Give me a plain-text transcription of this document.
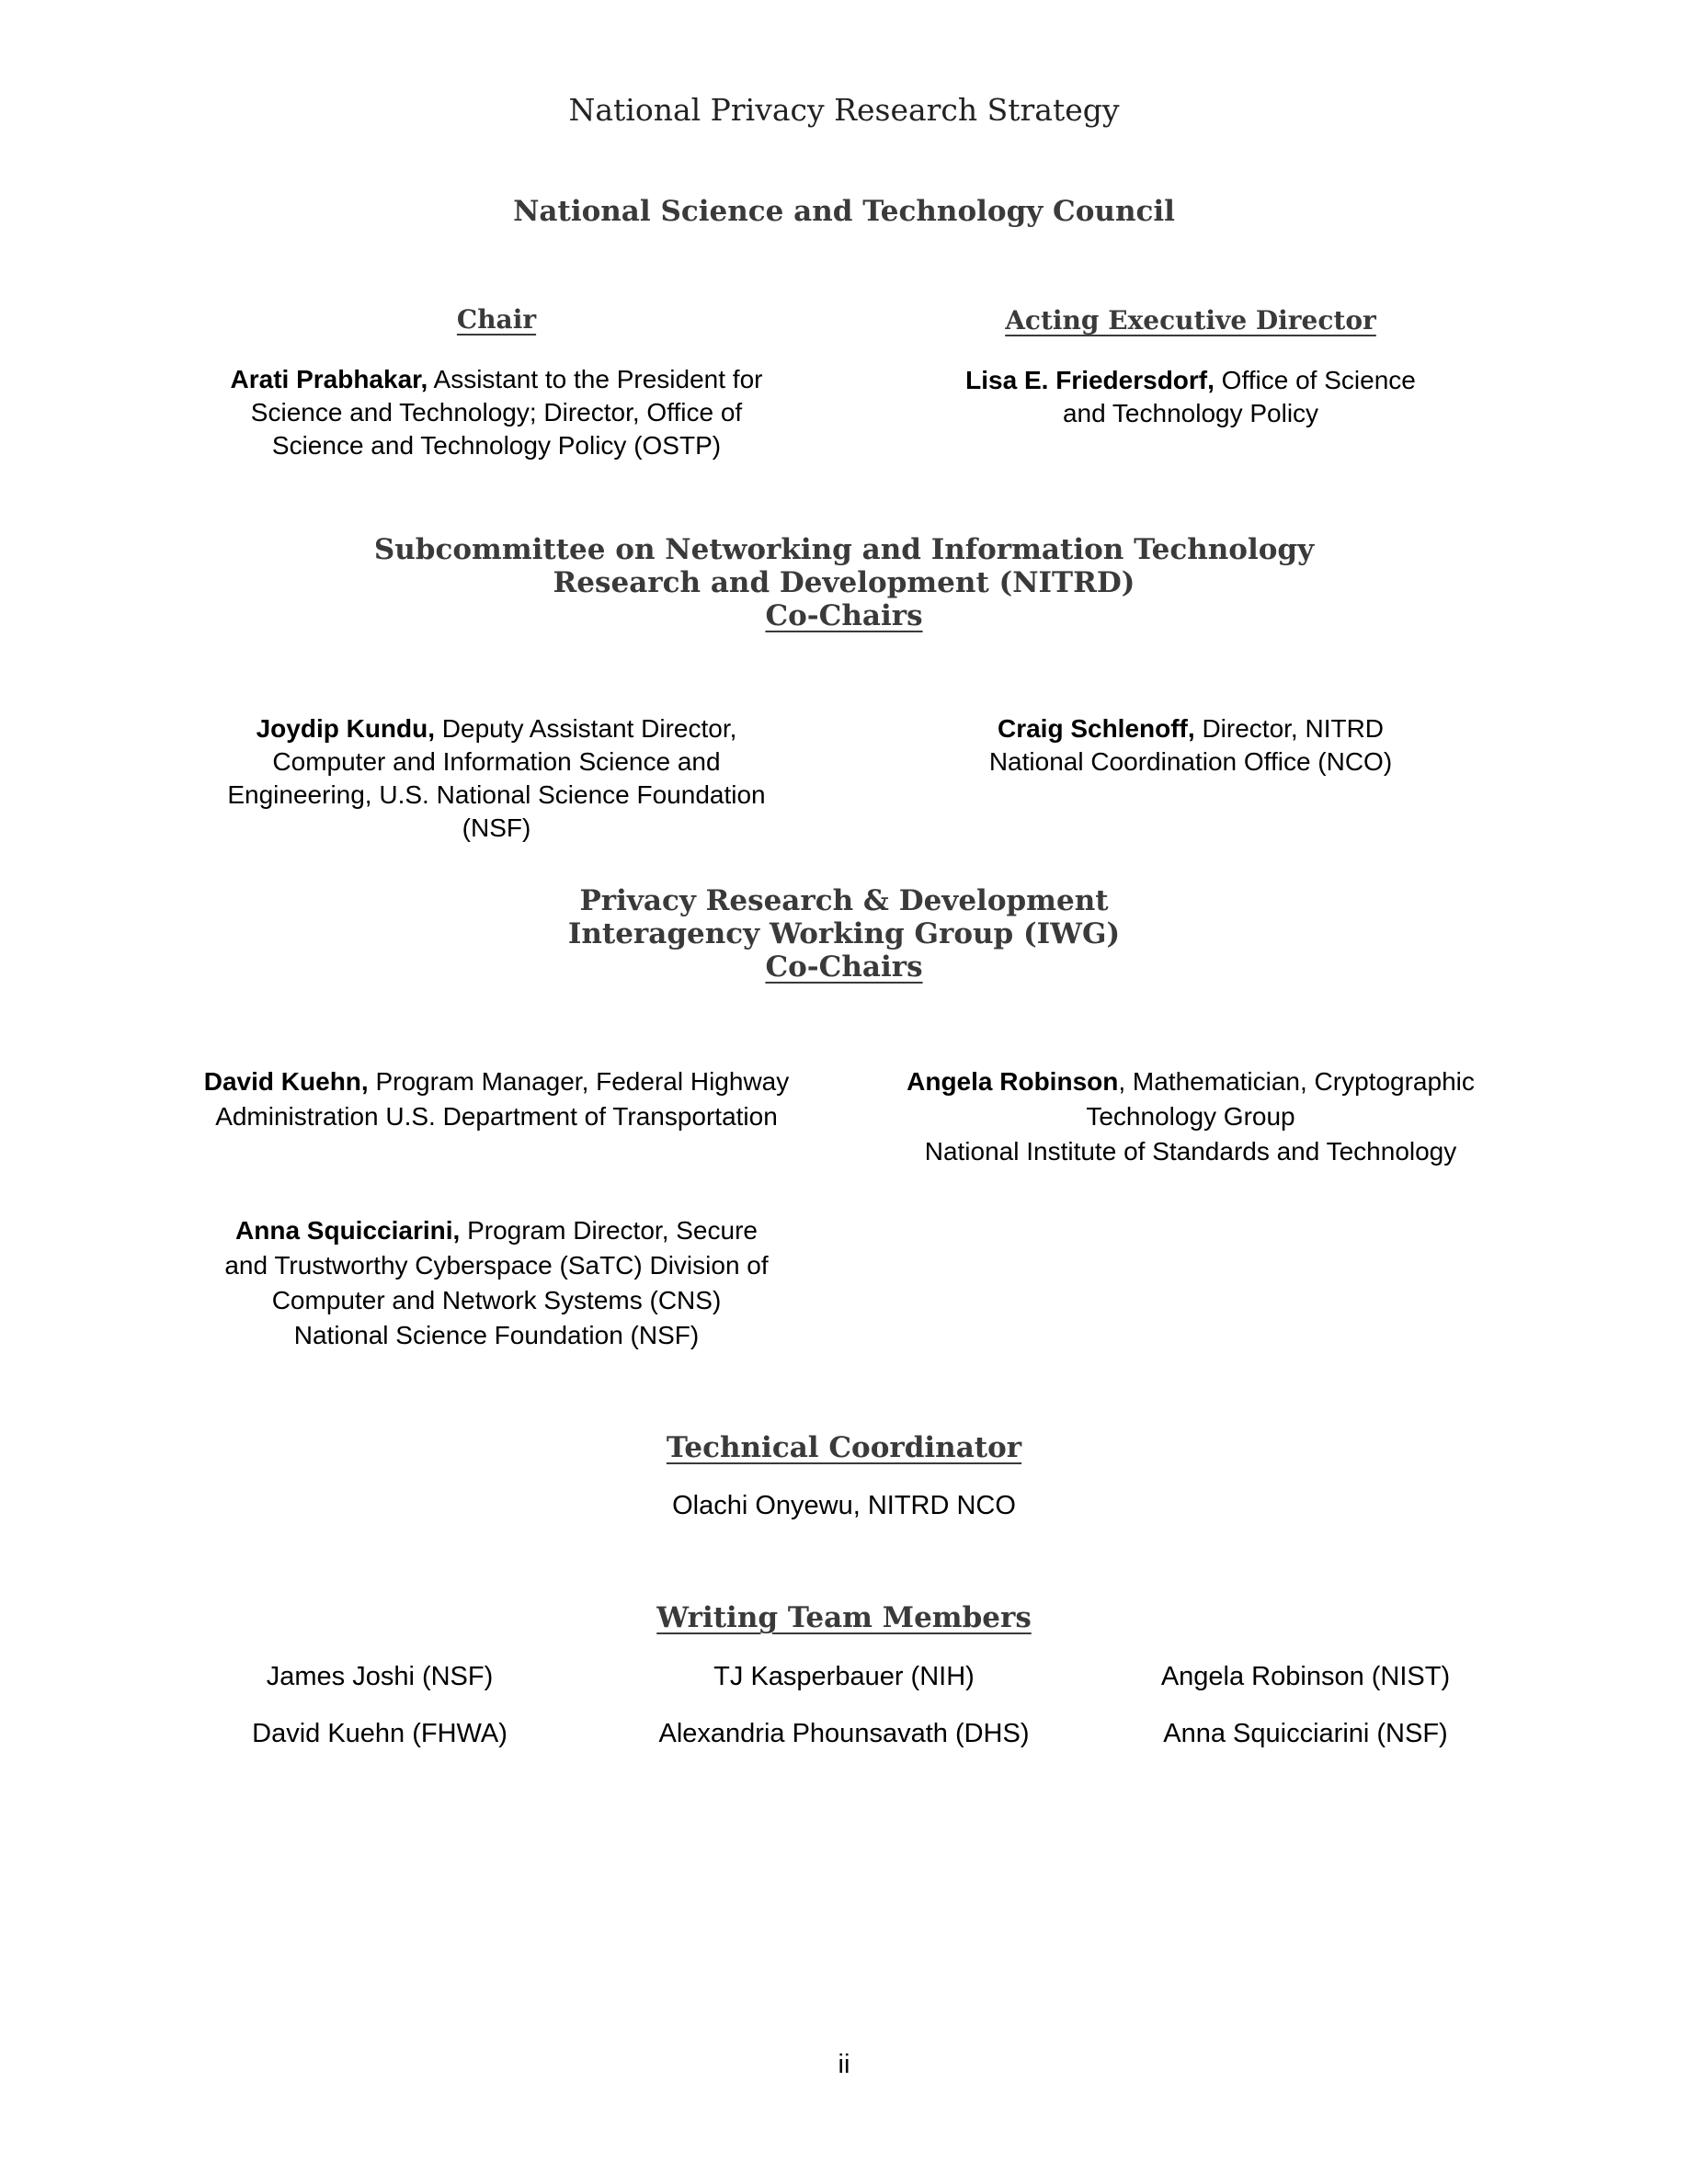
National Privacy Research Strategy
National Science and Technology Council
Chair	Acting Executive Director
Arati Prabhakar, Assistant to the President for Science and Technology; Director, Office of Science and Technology Policy (OSTP)
Lisa E. Friedersdorf, Office of Science and Technology Policy
Subcommittee on Networking and Information Technology
Research and Development (NITRD)
Co-Chairs
Joydip Kundu, Deputy Assistant Director, Computer and Information Science and Engineering, U.S. National Science Foundation (NSF)
Craig Schlenoff, Director, NITRD National Coordination Office (NCO)
Privacy Research & Development
Interagency Working Group (IWG)
Co-Chairs
David Kuehn, Program Manager, Federal Highway Administration U.S. Department of Transportation
Angela Robinson, Mathematician, Cryptographic Technology Group
National Institute of Standards and Technology
Anna Squicciarini, Program Director, Secure and Trustworthy Cyberspace (SaTC) Division of Computer and Network Systems (CNS)
National Science Foundation (NSF)
Technical Coordinator
Olachi Onyewu, NITRD NCO
Writing Team Members
James Joshi (NSF)	TJ Kasperbauer (NIH)	Angela Robinson (NIST)
David Kuehn (FHWA)	Alexandria Phounsavath (DHS)	Anna Squicciarini (NSF)
ii
